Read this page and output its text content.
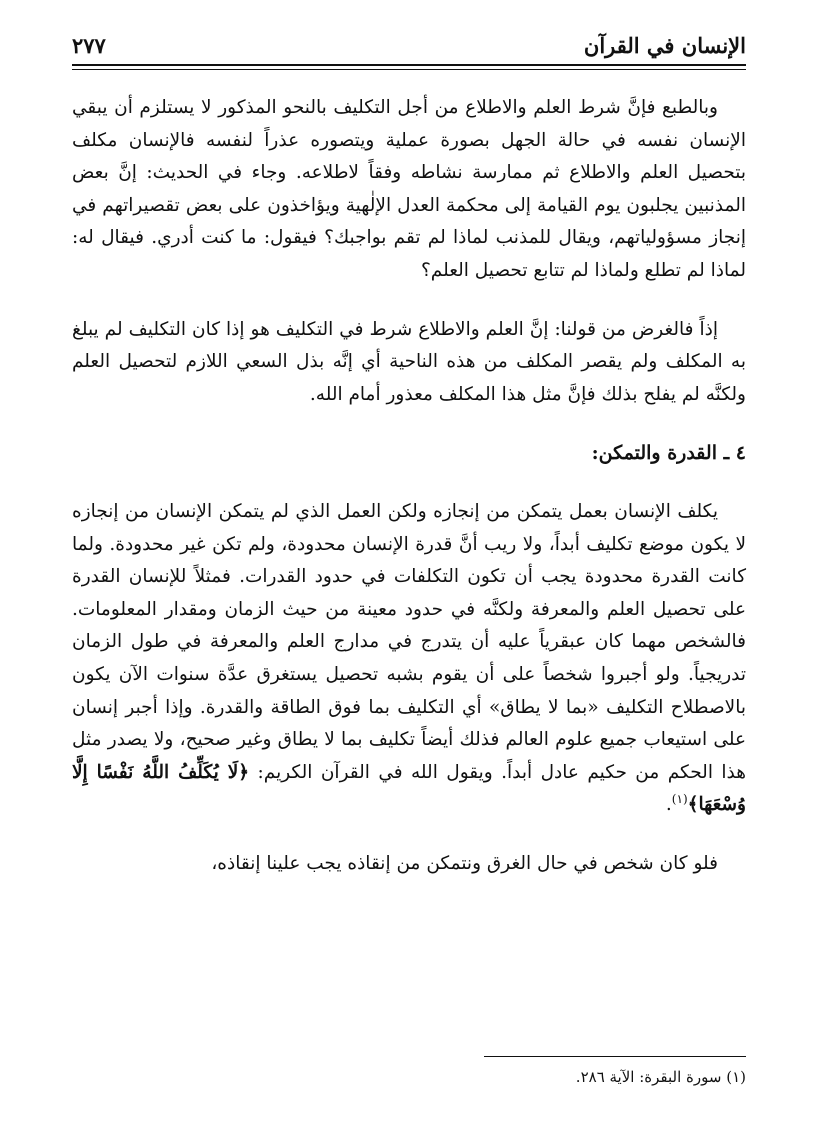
الإنسان في القرآن
٢٧٧

وبالطبع فإنَّ شرط العلم والاطلاع من أجل التكليف بالنحو المذكور لا يستلزم أن يبقي الإنسان نفسه في حالة الجهل بصورة عملية ويتصوره عذراً لنفسه فالإنسان مكلف بتحصيل العلم والاطلاع ثم ممارسة نشاطه وفقاً لاطلاعه. وجاء في الحديث: إنَّ بعض المذنبين يجلبون يوم القيامة إلى محكمة العدل الإلٰهية ويؤاخذون على بعض تقصيراتهم في إنجاز مسؤولياتهم، ويقال للمذنب لماذا لم تقم بواجبك؟ فيقول: ما كنت أدري. فيقال له: لماذا لم تطلع ولماذا لم تتابع تحصيل العلم؟

إذاً فالغرض من قولنا: إنَّ العلم والاطلاع شرط في التكليف هو إذا كان التكليف لم يبلغ به المكلف ولم يقصر المكلف من هذه الناحية أي إنَّه بذل السعي اللازم لتحصيل العلم ولكنَّه لم يفلح بذلك فإنَّ مثل هذا المكلف معذور أمام الله.

٤ ـ القدرة والتمكن:

يكلف الإنسان بعمل يتمكن من إنجازه ولكن العمل الذي لم يتمكن الإنسان من إنجازه لا يكون موضع تكليف أبداً، ولا ريب أنَّ قدرة الإنسان محدودة، ولم تكن غير محدودة. ولما كانت القدرة محدودة يجب أن تكون التكلفات في حدود القدرات. فمثلاً للإنسان القدرة على تحصيل العلم والمعرفة ولكنَّه في حدود معينة من حيث الزمان ومقدار المعلومات. فالشخص مهما كان عبقرياً عليه أن يتدرج في مدارج العلم والمعرفة في طول الزمان تدريجياً. ولو أجبروا شخصاً على أن يقوم بشبه تحصيل يستغرق عدَّة سنوات الآن يكون بالاصطلاح التكليف «بما لا يطاق» أي التكليف بما فوق الطاقة والقدرة. وإذا أجبر إنسان على استيعاب جميع علوم العالم فذلك أيضاً تكليف بما لا يطاق وغير صحيح، ولا يصدر مثل هذا الحكم من حكيم عادل أبداً. ويقول الله في القرآن الكريم: ﴿لَا يُكَلِّفُ اللَّهُ نَفْسًا إِلَّا وُسْعَهَا﴾$^{(١)}$.

فلو كان شخص في حال الغرق ونتمكن من إنقاذه يجب علينا إنقاذه،

(١) سورة البقرة: الآية ٢٨٦.
